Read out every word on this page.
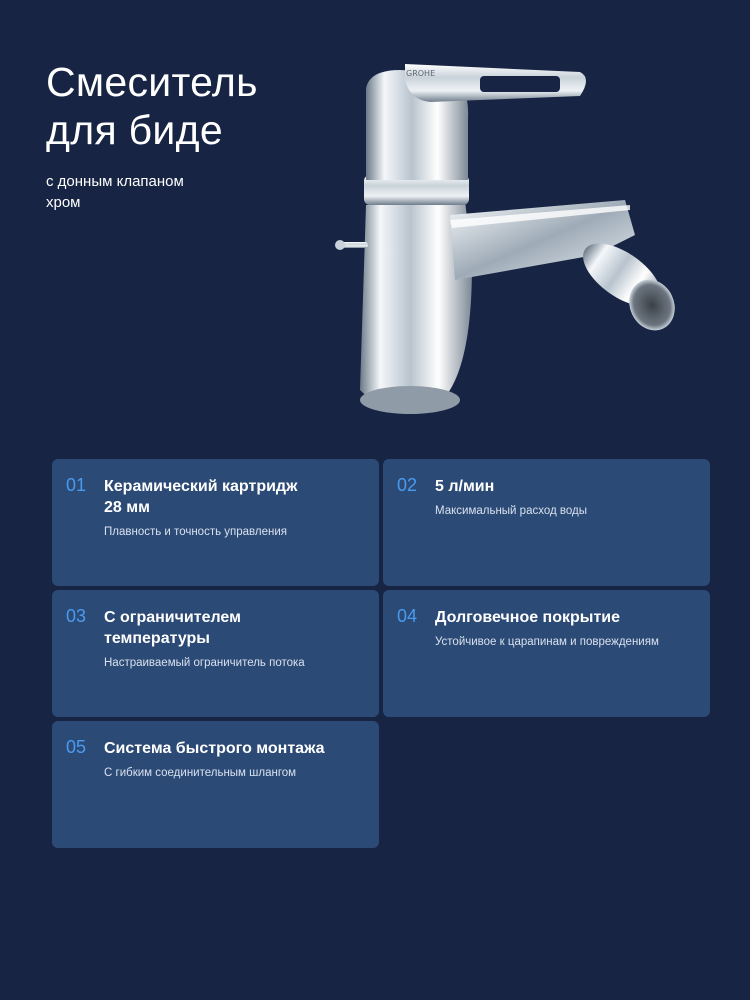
Смеситель
для биде

с донным клапаном
хром

GROHE
01 Керамический картридж
28 мм
Плавность и точность управления
02 5 л/мин
Максимальный расход воды
03 С ограничителем
температуры
Настраиваемый ограничитель потока
04 Долговечное покрытие
Устойчивое к царапинам и повреждениям
05 Система быстрого монтажа
С гибким соединительным шлангом
